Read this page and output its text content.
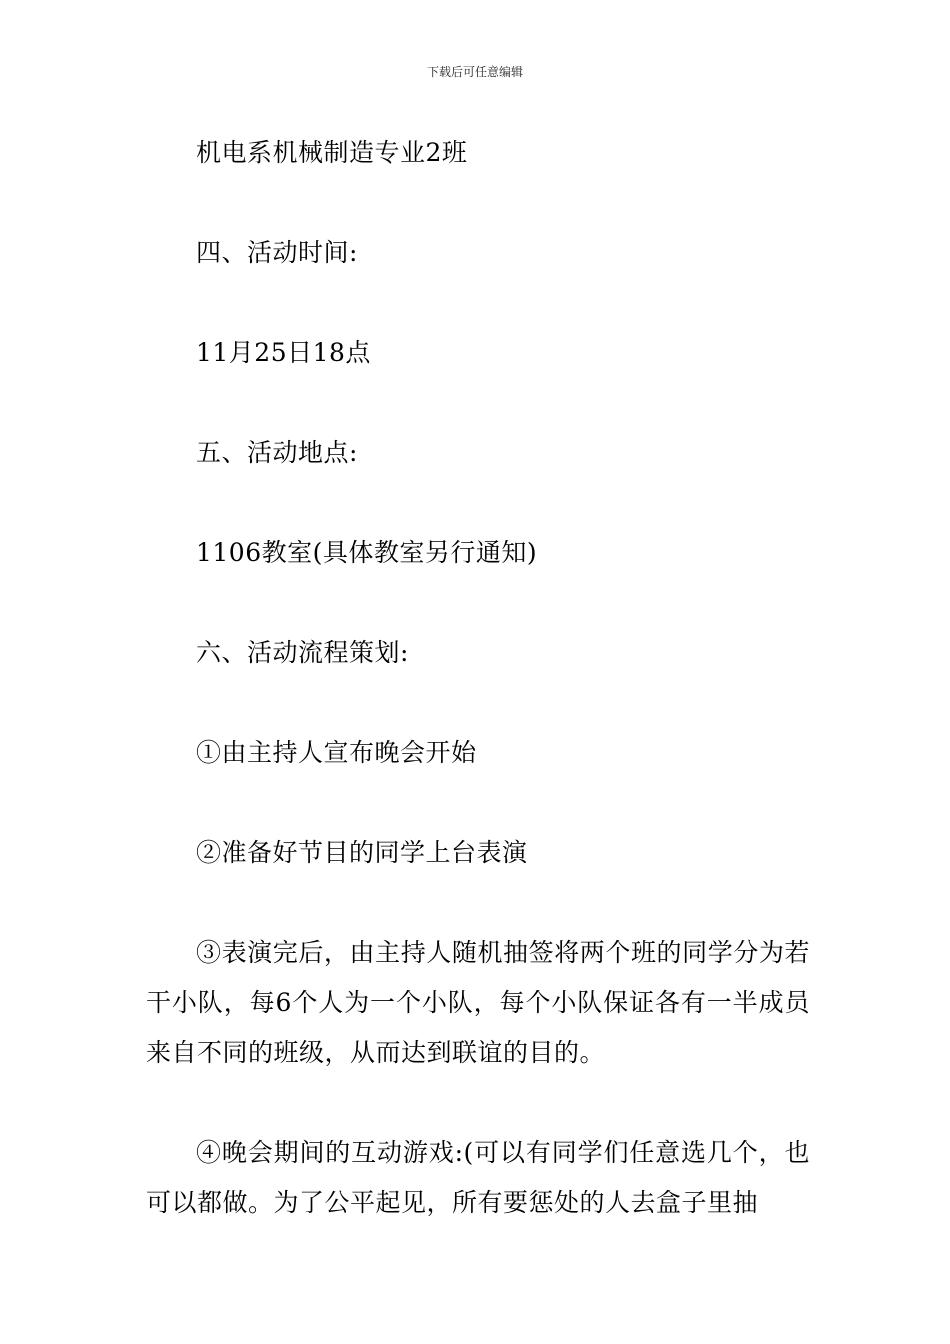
下载后可任意编辑

机电系机械制造专业2班

四、活动时间:

11月25日18点

五、活动地点:

1106教室(具体教室另行通知)

六、活动流程策划:

①由主持人宣布晚会开始

②准备好节目的同学上台表演

③表演完后，由主持人随机抽签将两个班的同学分为若干小队，每6个人为一个小队，每个小队保证各有一半成员来自不同的班级，从而达到联谊的目的。

④晚会期间的互动游戏:(可以有同学们任意选几个，也可以都做。为了公平起见，所有要惩处的人去盒子里抽
